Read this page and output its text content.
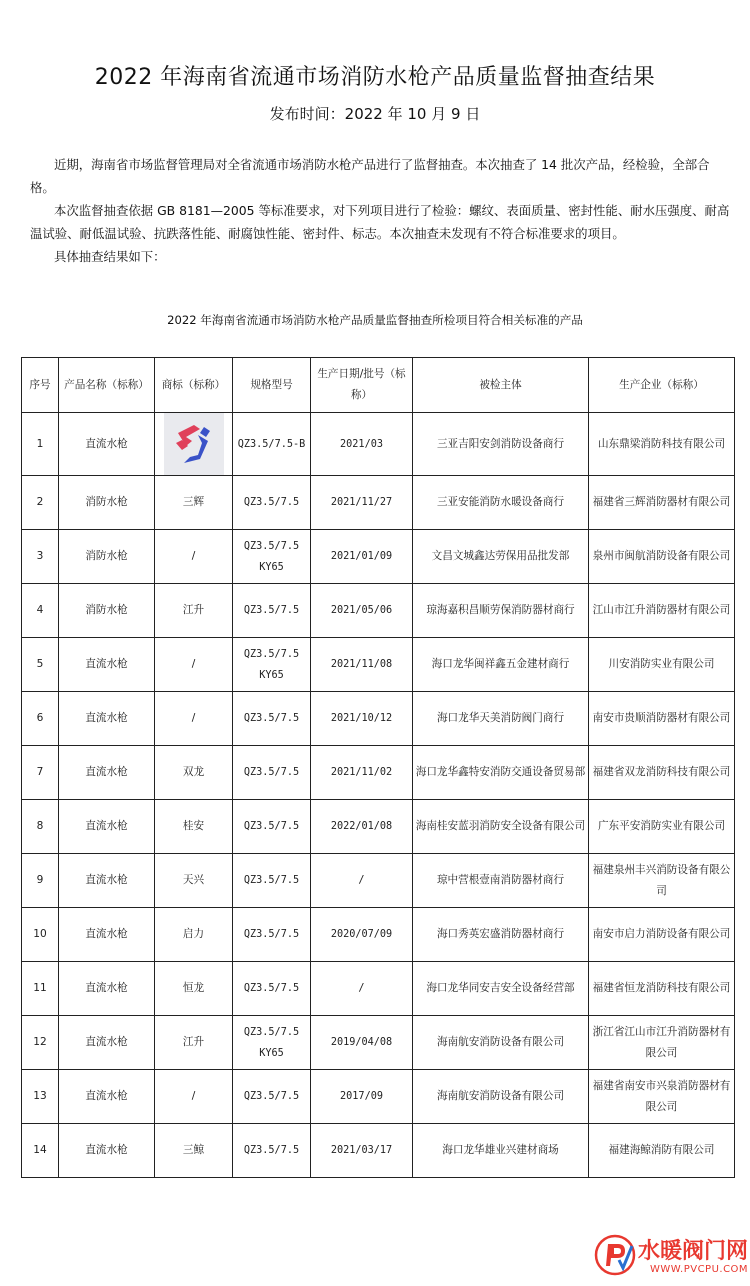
2022 年海南省流通市场消防水枪产品质量监督抽查结果
发布时间：2022 年 10 月 9 日

近期，海南省市场监督管理局对全省流通市场消防水枪产品进行了监督抽查。本次抽查了 14 批次产品，经检验，全部合格。

本次监督抽查依据 GB 8181—2005 等标准要求，对下列项目进行了检验：螺纹、表面质量、密封性能、耐水压强度、耐高温试验、耐低温试验、抗跌落性能、耐腐蚀性能、密封件、标志。本次抽查未发现有不符合标准要求的项目。

具体抽查结果如下：

2022 年海南省流通市场消防水枪产品质量监督抽查所检项目符合相关标准的产品
序号	产品名称（标称）	商标（标称）	规格型号	生产日期/批号（标称）	被检主体	生产企业（标称）
1	直流水枪		QZ3.5/7.5-B	2021/03	三亚吉阳安剑消防设备商行	山东鼎梁消防科技有限公司
2	消防水枪	三辉	QZ3.5/7.5	2021/11/27	三亚安能消防水暖设备商行	福建省三辉消防器材有限公司
3	消防水枪	/	QZ3.5/7.5 KY65	2021/01/09	文昌文城鑫达劳保用品批发部	泉州市闽航消防设备有限公司
4	消防水枪	江升	QZ3.5/7.5	2021/05/06	琼海嘉积昌顺劳保消防器材商行	江山市江升消防器材有限公司
5	直流水枪	/	QZ3.5/7.5 KY65	2021/11/08	海口龙华闽祥鑫五金建材商行	川安消防实业有限公司
6	直流水枪	/	QZ3.5/7.5	2021/10/12	海口龙华天美消防阀门商行	南安市贵顺消防器材有限公司
7	直流水枪	双龙	QZ3.5/7.5	2021/11/02	海口龙华鑫特安消防交通设备贸易部	福建省双龙消防科技有限公司
8	直流水枪	桂安	QZ3.5/7.5	2022/01/08	海南桂安蓝羽消防安全设备有限公司	广东平安消防实业有限公司
9	直流水枪	天兴	QZ3.5/7.5	/	琼中营根壹南消防器材商行	福建泉州丰兴消防设备有限公司
10	直流水枪	启力	QZ3.5/7.5	2020/07/09	海口秀英宏盛消防器材商行	南安市启力消防设备有限公司
11	直流水枪	恒龙	QZ3.5/7.5	/	海口龙华同安吉安全设备经营部	福建省恒龙消防科技有限公司
12	直流水枪	江升	QZ3.5/7.5 KY65	2019/04/08	海南航安消防设备有限公司	浙江省江山市江升消防器材有限公司
13	直流水枪	/	QZ3.5/7.5	2017/09	海南航安消防设备有限公司	福建省南安市兴泉消防器材有限公司
14	直流水枪	三鲸	QZ3.5/7.5	2021/03/17	海口龙华雄业兴建材商场	福建海鲸消防有限公司
水暖阀门网
WWW.PVCPU.COM
